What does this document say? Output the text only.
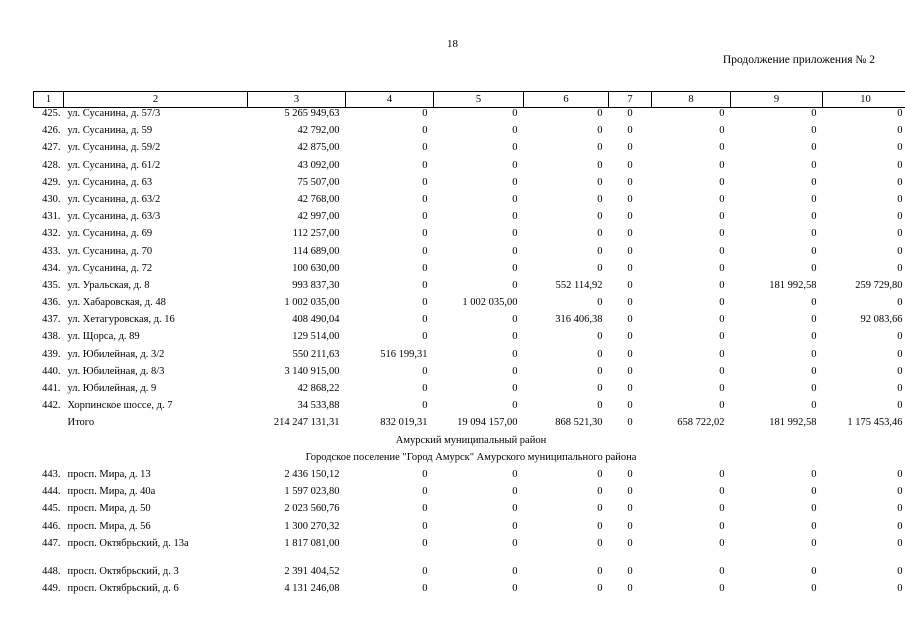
18
Продолжение приложения № 2
1	2	3	4	5	6	7	8	9	10
425.	ул. Сусанина, д. 57/3	5 265 949,63	0	0	0	0	0	0	0
426.	ул. Сусанина, д. 59	42 792,00	0	0	0	0	0	0	0
427.	ул. Сусанина, д. 59/2	42 875,00	0	0	0	0	0	0	0
428.	ул. Сусанина, д. 61/2	43 092,00	0	0	0	0	0	0	0
429.	ул. Сусанина, д. 63	75 507,00	0	0	0	0	0	0	0
430.	ул. Сусанина, д. 63/2	42 768,00	0	0	0	0	0	0	0
431.	ул. Сусанина, д. 63/3	42 997,00	0	0	0	0	0	0	0
432.	ул. Сусанина, д. 69	112 257,00	0	0	0	0	0	0	0
433.	ул. Сусанина, д. 70	114 689,00	0	0	0	0	0	0	0
434.	ул. Сусанина, д. 72	100 630,00	0	0	0	0	0	0	0
435.	ул. Уральская, д. 8	993 837,30	0	0	552 114,92	0	0	181 992,58	259 729,80
436.	ул. Хабаровская, д. 48	1 002 035,00	0	1 002 035,00	0	0	0	0	0
437.	ул. Хетагуровская, д. 16	408 490,04	0	0	316 406,38	0	0	0	92 083,66
438.	ул. Щорса, д. 89	129 514,00	0	0	0	0	0	0	0
439.	ул. Юбилейная, д. 3/2	550 211,63	516 199,31	0	0	0	0	0	0
440.	ул. Юбилейная, д. 8/3	3 140 915,00	0	0	0	0	0	0	0
441.	ул. Юбилейная, д. 9	42 868,22	0	0	0	0	0	0	0
442.	Хорпинское шоссе, д. 7	34 533,88	0	0	0	0	0	0	0
	Итого	214 247 131,31	832 019,31	19 094 157,00	868 521,30	0	658 722,02	181 992,58	1 175 453,46
Амурский муниципальный район									
Городское поселение "Город Амурск" Амурского муниципального района									
443.	просп. Мира, д. 13	2 436 150,12	0	0	0	0	0	0	0
444.	просп. Мира, д. 40а	1 597 023,80	0	0	0	0	0	0	0
445.	просп. Мира, д. 50	2 023 560,76	0	0	0	0	0	0	0
446.	просп. Мира, д. 56	1 300 270,32	0	0	0	0	0	0	0
447.	просп. Октябрьский, д. 13а	1 817 081,00	0	0	0	0	0	0	0
448.	просп. Октябрьский, д. 3	2 391 404,52	0	0	0	0	0	0	0
449.	просп. Октябрьский, д. 6	4 131 246,08	0	0	0	0	0	0	0
